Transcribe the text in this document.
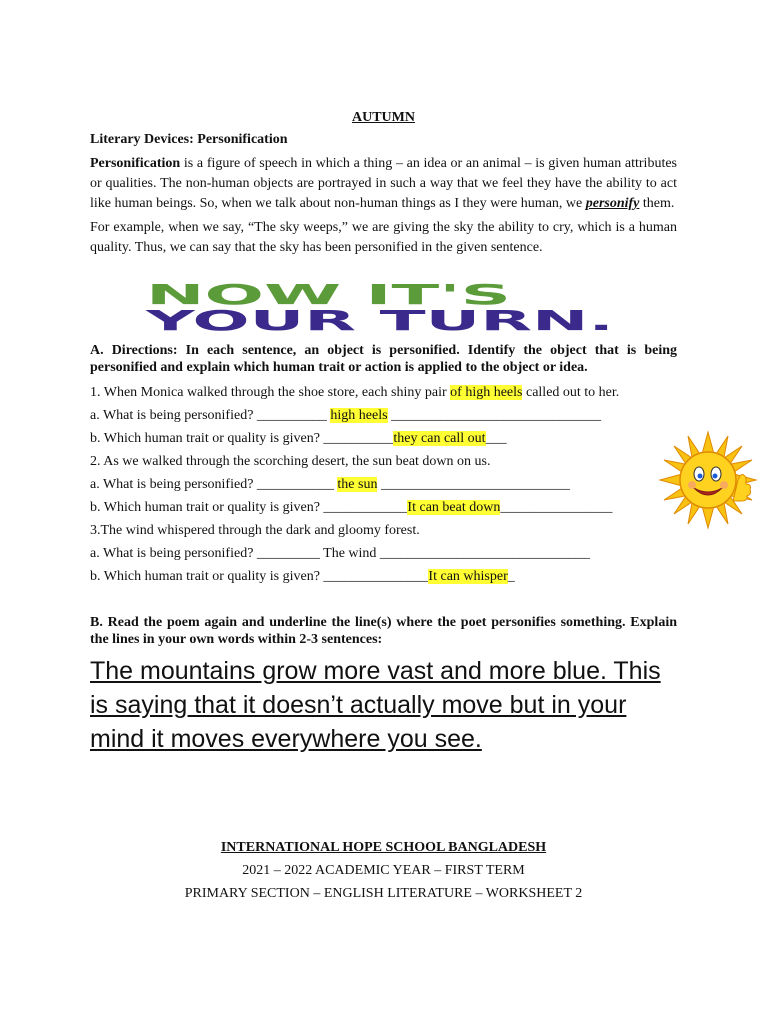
AUTUMN

Literary Devices: Personification

Personification is a figure of speech in which a thing – an idea or an animal – is given human attributes or qualities. The non-human objects are portrayed in such a way that we feel they have the ability to act like human beings. So, when we talk about non-human things as I they were human, we personify them.

For example, when we say, “The sky weeps,” we are giving the sky the ability to cry, which is a human quality. Thus, we can say that the sky has been personified in the given sentence.

NOW IT'S
YOUR TURN.

A. Directions: In each sentence, an object is personified. Identify the object that is being personified and explain which human trait or action is applied to the object or idea.

1. When Monica walked through the shoe store, each shiny pair of high heels called out to her.

a. What is being personified? __________ high heels ______________________________

b. Which human trait or quality is given? __________they can call out___

2. As we walked through the scorching desert, the sun beat down on us.

a. What is being personified? ___________ the sun ___________________________

b. Which human trait or quality is given? ____________It can beat down________________

3.The wind whispered through the dark and gloomy forest.

a. What is being personified? _________ The wind ______________________________

b. Which human trait or quality is given? _______________It can whisper_

B. Read the poem again and underline the line(s) where the poet personifies something. Explain the lines in your own words within 2-3 sentences:

The mountains grow more vast and more blue. This
is saying that it doesn’t actually move but in your
mind it moves everywhere you see.
INTERNATIONAL HOPE SCHOOL BANGLADESH
2021 – 2022 ACADEMIC YEAR – FIRST TERM
PRIMARY SECTION – ENGLISH LITERATURE – WORKSHEET 2
